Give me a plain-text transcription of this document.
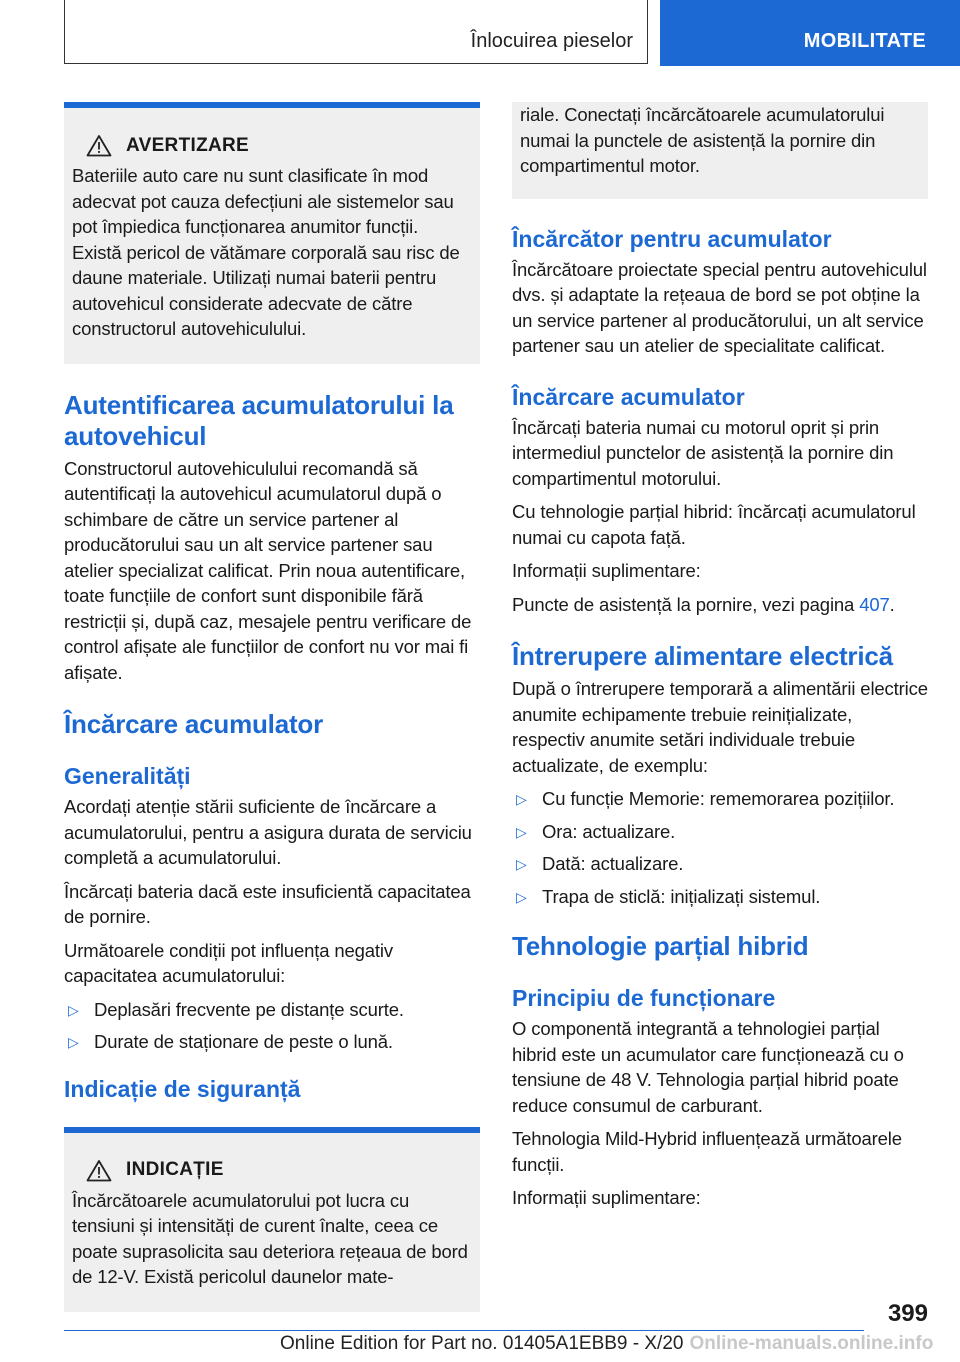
Înlocuirea pieselor	MOBILITATE
AVERTIZARE

Bateriile auto care nu sunt clasificate în mod adecvat pot cauza defecțiuni ale sistemelor sau pot împiedica funcționarea anumitor funcții. Există pericol de vătămare corporală sau risc de daune materiale. Utilizați numai baterii pentru autovehicul considerate adecvate de către constructorul autovehiculului.

Autentificarea acumulatorului la autovehicul

Constructorul autovehiculului recomandă să autentificați la autovehicul acumulatorul după o schimbare de către un service partener al producătorului sau un alt service partener sau atelier specializat calificat. Prin noua autentificare, toate funcțiile de confort sunt disponibile fără restricții și, după caz, mesajele pentru verificare de control afișate ale funcțiilor de confort nu vor mai fi afișate.

Încărcare acumulator
Generalități

Acordați atenție stării suficiente de încărcare a acumulatorului, pentru a asigura durata de serviciu completă a acumulatorului.

Încărcați bateria dacă este insuficientă capacitatea de pornire.

Următoarele condiții pot influența negativ capacitatea acumulatorului:

▷ Deplasări frecvente pe distanțe scurte.
▷ Durate de staționare de peste o lună.
Indicație de siguranță
INDICAȚIE

Încărcătoarele acumulatorului pot lucra cu tensiuni și intensități de curent înalte, ceea ce poate suprasolicita sau deteriora rețeaua de bord de 12-V. Există pericolul daunelor mate-

riale. Conectați încărcătoarele acumulatorului numai la punctele de asistență la pornire din compartimentul motor.

Încărcător pentru acumulator

Încărcătoare proiectate special pentru autovehiculul dvs. și adaptate la rețeaua de bord se pot obține la un service partener al producătorului, un alt service partener sau un atelier de specialitate calificat.

Încărcare acumulator

Încărcați bateria numai cu motorul oprit și prin intermediul punctelor de asistență la pornire din compartimentul motorului.

Cu tehnologie parțial hibrid: încărcați acumulatorul numai cu capota față.

Informații suplimentare:

Puncte de asistență la pornire, vezi pagina 407.

Întrerupere alimentare electrică

După o întrerupere temporară a alimentării electrice anumite echipamente trebuie reinițializate, respectiv anumite setări individuale trebuie actualizate, de exemplu:

▷ Cu funcție Memorie: rememorarea pozițiilor.
▷ Ora: actualizare.
▷ Dată: actualizare.
▷ Trapa de sticlă: inițializați sistemul.
Tehnologie parțial hibrid
Principiu de funcționare

O componentă integrantă a tehnologiei parțial hibrid este un acumulator care funcționează cu o tensiune de 48 V. Tehnologia parțial hibrid poate reduce consumul de carburant.

Tehnologia Mild-Hybrid influențează următoarele funcții.

Informații suplimentare:

399
Online Edition for Part no. 01405A1EBB9 - X/20 Online-manuals.online.info
